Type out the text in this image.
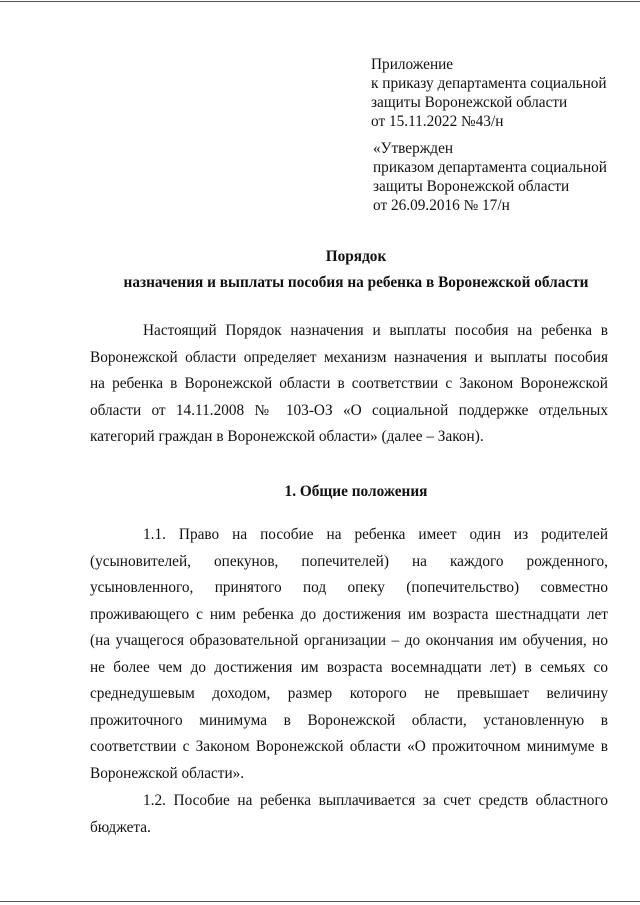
Приложение
к приказу департамента социальной
защиты Воронежской области
от 15.11.2022 №43/н
«Утвержден
приказом департамента социальной
защиты Воронежской области
от 26.09.2016 № 17/н
Порядок
назначения и выплаты пособия на ребенка в Воронежской области
Настоящий Порядок назначения и выплаты пособия на ребенка в
Воронежской области определяет механизм назначения и выплаты пособия
на ребенка в Воронежской области в соответствии с Законом Воронежской
области от 14.11.2008 № 103-ОЗ «О социальной поддержке отдельных
категорий граждан в Воронежской области» (далее – Закон).
1. Общие положения
1.1. Право на пособие на ребенка имеет один из родителей
(усыновителей, опекунов, попечителей) на каждого рожденного,
усыновленного, принятого под опеку (попечительство) совместно
проживающего с ним ребенка до достижения им возраста шестнадцати лет
(на учащегося образовательной организации – до окончания им обучения, но
не более чем до достижения им возраста восемнадцати лет) в семьях со
среднедушевым доходом, размер которого не превышает величину
прожиточного минимума в Воронежской области, установленную в
соответствии с Законом Воронежской области «О прожиточном минимуме в
Воронежской области».
1.2. Пособие на ребенка выплачивается за счет средств областного
бюджета.
